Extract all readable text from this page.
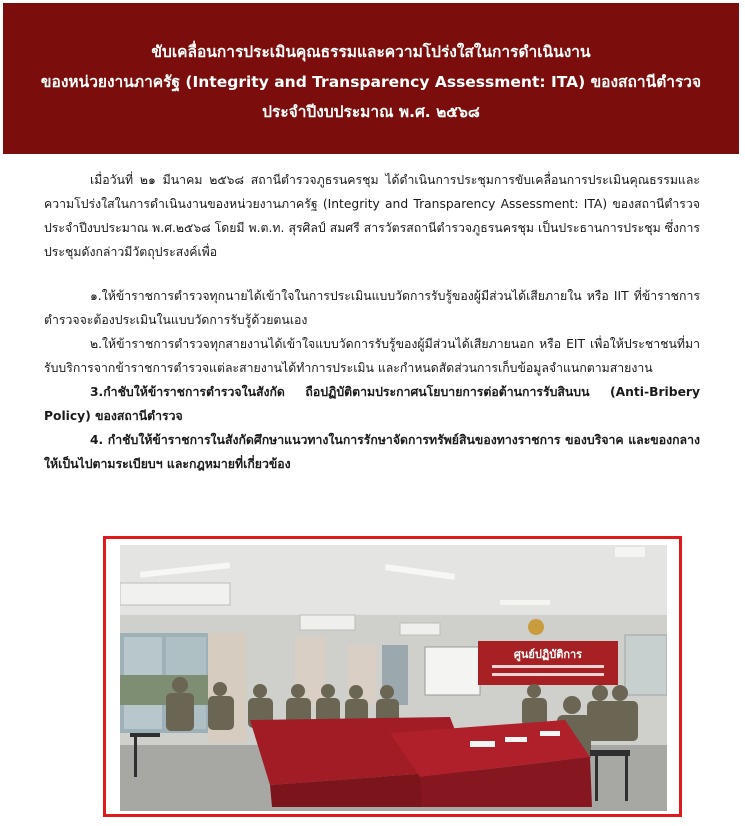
ขับเคลื่อนการประเมินคุณธรรมและความโปร่งใสในการดำเนินงาน
ของหน่วยงานภาครัฐ (Integrity and Transparency Assessment: ITA) ของสถานีตำรวจ
ประจำปีงบประมาณ พ.ศ. ๒๕๖๘

เมื่อวันที่ ๒๑ มีนาคม ๒๕๖๘ สถานีตำรวจภูธรนครชุม ได้ดำเนินการประชุมการขับเคลื่อนการประเมินคุณธรรมและความโปร่งใสในการดำเนินงานของหน่วยงานภาครัฐ (Integrity and Transparency Assessment: ITA) ของสถานีตำรวจ ประจำปีงบประมาณ พ.ศ.๒๕๖๘ โดยมี พ.ต.ท. สุรศิลป์ สมศรี สารวัตรสถานีตำรวจภูธรนครชุม เป็นประธานการประชุม ซึ่งการประชุมดังกล่าวมีวัตถุประสงค์เพื่อ

๑.ให้ข้าราชการตำรวจทุกนายได้เข้าใจในการประเมินแบบวัดการรับรู้ของผู้มีส่วนได้เสียภายใน หรือ IIT ที่ข้าราชการตำรวจจะต้องประเมินในแบบวัดการรับรู้ด้วยตนเอง

๒.ให้ข้าราชการตำรวจทุกสายงานได้เข้าใจแบบวัดการรับรู้ของผู้มีส่วนได้เสียภายนอก หรือ EIT เพื่อให้ประชาชนที่มารับบริการจากข้าราชการตำรวจแต่ละสายงานได้ทำการประเมิน และกำหนดสัดส่วนการเก็บข้อมูลจำแนกตามสายงาน

3.กำชับให้ข้าราชการตำรวจในสังกัด ถือปฏิบัติตามประกาศนโยบายการต่อต้านการรับสินบน (Anti-Bribery Policy) ของสถานีตำรวจ

4. กำชับให้ข้าราชการในสังกัดศึกษาแนวทางในการรักษาจัดการทรัพย์สินของทางราชการ ของบริจาค และของกลางให้เป็นไปตามระเบียบฯ และกฎหมายที่เกี่ยวข้อง

ศูนย์ปฏิบัติการ
